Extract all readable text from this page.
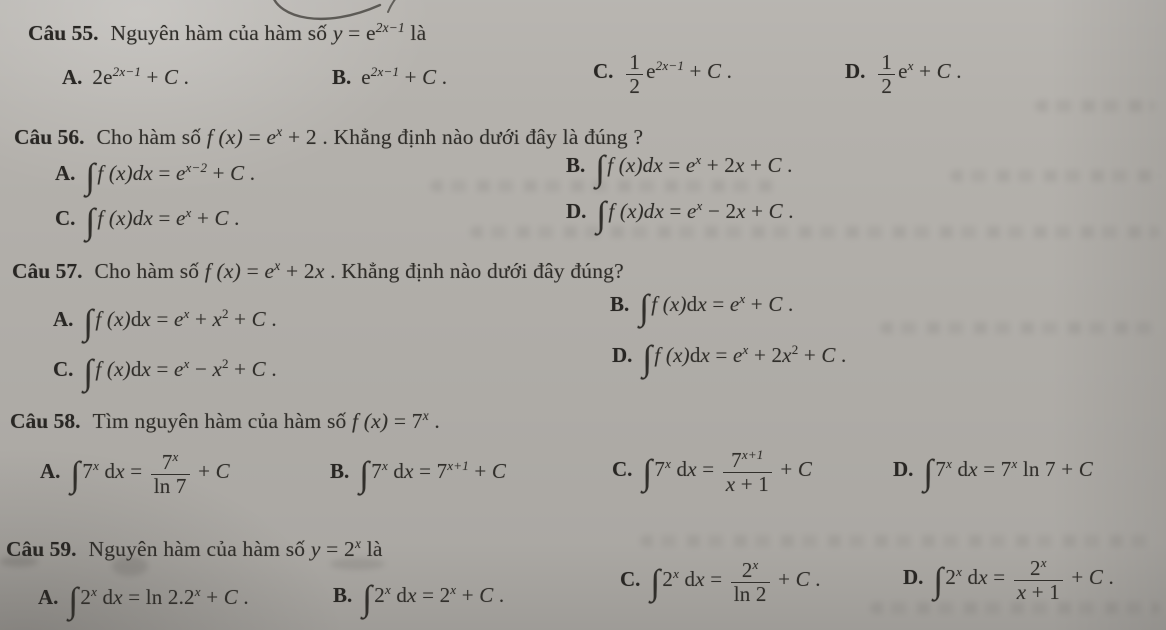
Câu 55. Nguyên hàm của hàm số $y = e^{2x-1}$ là
A. $2e^{2x-1} + C$ .	B. $e^{2x-1} + C$ .	C. $\frac{1}{2} e^{2x-1} + C$ .	D. $\frac{1}{2} e^x + C$ .
Câu 56. Cho hàm số f $(x) = e^x + 2$ . Khẳng định nào dưới đây là đúng ?
A. ∫f $(x)dx = e^{x-2} + C$ .	B. ∫f $(x)dx = e^x + 2x + C$ .
C. ∫f $(x)dx = e^x + C$ .	D. ∫f $(x)dx = e^x - 2x + C$ .
Câu 57. Cho hàm số f $(x) = e^x + 2x$ . Khẳng định nào dưới đây đúng?
A. ∫f $(x)dx = e^x + x^2 + C$ .
B. ∫f $(x)dx = e^x + C$ .
C. ∫f $(x)dx = e^x - x^2 + C$ .
D. ∫f $(x)dx = e^x + 2x^2 + C$ .
Câu 58. Tìm nguyên hàm của hàm số f $(x) = 7^x$ .
A. ∫7$^x$ dx = $\frac{7^x}{\ln 7} + C$	B. ∫7$^x$ dx = $7^{x+1} + C$	C. ∫7$^x$ dx = $\frac{7^{x+1}}{x + 1} + C$	D. ∫7$^x$ dx = $7^x$ ln 7 + C
Câu 59. Nguyên hàm của hàm số $y = 2^x$ là
A. ∫2$^x$ dx = $\ln 2.2^x + C$ .	B. ∫2$^x$ dx = $2^x + C$ .
C. ∫2$^x$ dx = $\frac{2^x}{\ln 2} + C$ .	D. ∫2$^x$ dx = $\frac{2^x}{x + 1} + C$ .
